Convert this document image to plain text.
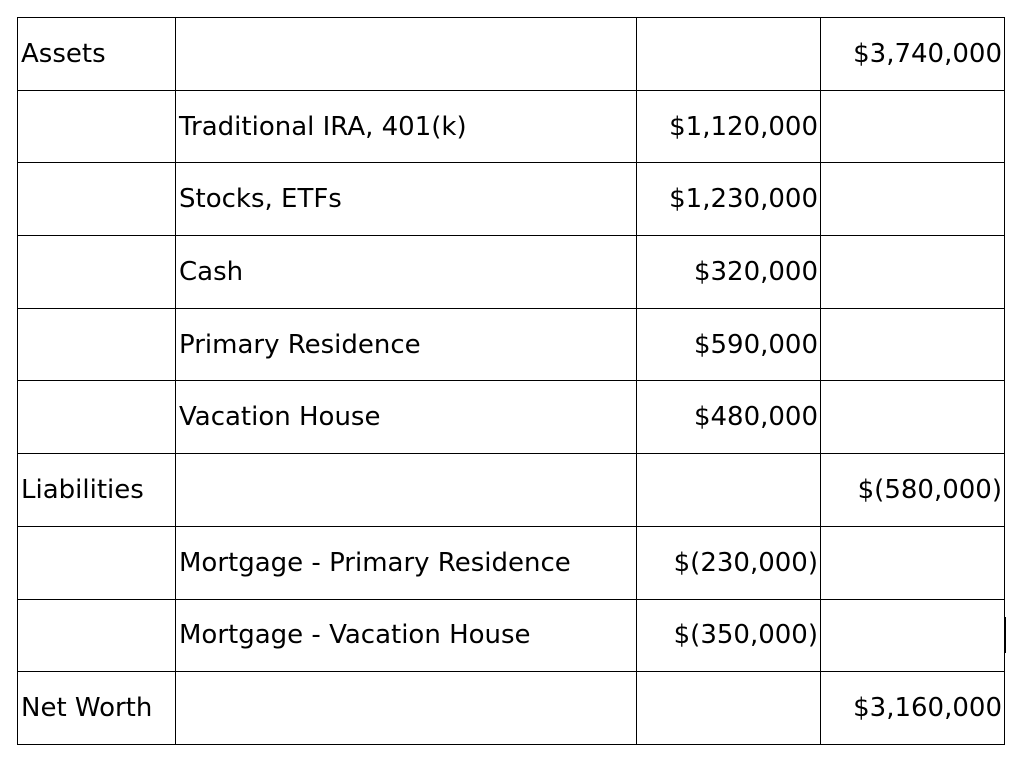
Assets			$3,740,000
	Traditional IRA, 401(k)	$1,120,000	
	Stocks, ETFs	$1,230,000	
	Cash	$320,000	
	Primary Residence	$590,000	
	Vacation House	$480,000	
Liabilities			$(580,000)
	Mortgage - Primary Residence	$(230,000)	
	Mortgage - Vacation House	$(350,000)	
Net Worth			$3,160,000
